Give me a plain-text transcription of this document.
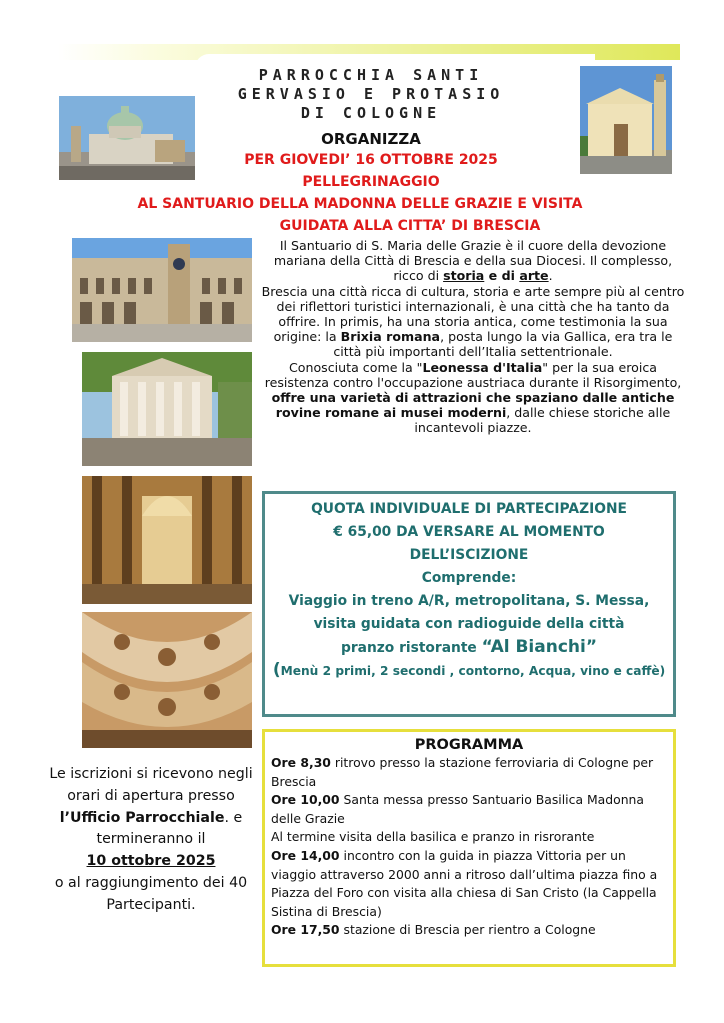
PARROCCHIA SANTI
GERVASIO E PROTASIO
DI COLOGNE
ORGANIZZA
PER GIOVEDI’ 16 OTTOBRE 2025
PELLEGRINAGGIO
AL SANTUARIO DELLA MADONNA DELLE GRAZIE E VISITA
GUIDATA ALLA CITTA’ DI BRESCIA
Il Santuario di S. Maria delle Grazie è il cuore della devozione mariana della Città di Brescia e della sua Diocesi. Il complesso, ricco di storia e di arte.
Brescia una città ricca di cultura, storia e arte sempre più al centro dei riflettori turistici internazionali, è una città che ha tanto da offrire. In primis, ha una storia antica, come testimonia la sua origine: la Brixia romana, posta lungo la via Gallica, era tra le città più importanti dell’Italia settentrionale.
Conosciuta come la "Leonessa d'Italia" per la sua eroica resistenza contro l'occupazione austriaca durante il Risorgimento, offre una varietà di attrazioni che spaziano dalle antiche rovine romane ai musei moderni, dalle chiese storiche alle incantevoli piazze.
QUOTA INDIVIDUALE DI PARTECIPAZIONE
€ 65,00 DA VERSARE AL MOMENTO
DELL’ISCIZIONE
Comprende:
Viaggio in treno A/R, metropolitana, S. Messa,
visita guidata con radioguide della città
pranzo ristorante “Al Bianchi”
(Menù 2 primi, 2 secondi , contorno, Acqua, vino e caffè)
PROGRAMMA
Ore 8,30 ritrovo presso la stazione ferroviaria di Cologne per Brescia
Ore 10,00 Santa messa presso Santuario Basilica Madonna delle Grazie
Al termine visita della basilica e pranzo in risrorante
Ore 14,00 incontro con la guida in piazza Vittoria per un viaggio attraverso 2000 anni a ritroso dall’ultima piazza fino a Piazza del Foro con visita alla chiesa di San Cristo (la Cappella Sistina di Brescia)
Ore 17,50 stazione di Brescia per rientro a Cologne
Le iscrizioni si ricevono negli orari di apertura presso
l’Ufficio Parrocchiale. e termineranno il
10 ottobre 2025
o al raggiungimento dei 40 Partecipanti.
